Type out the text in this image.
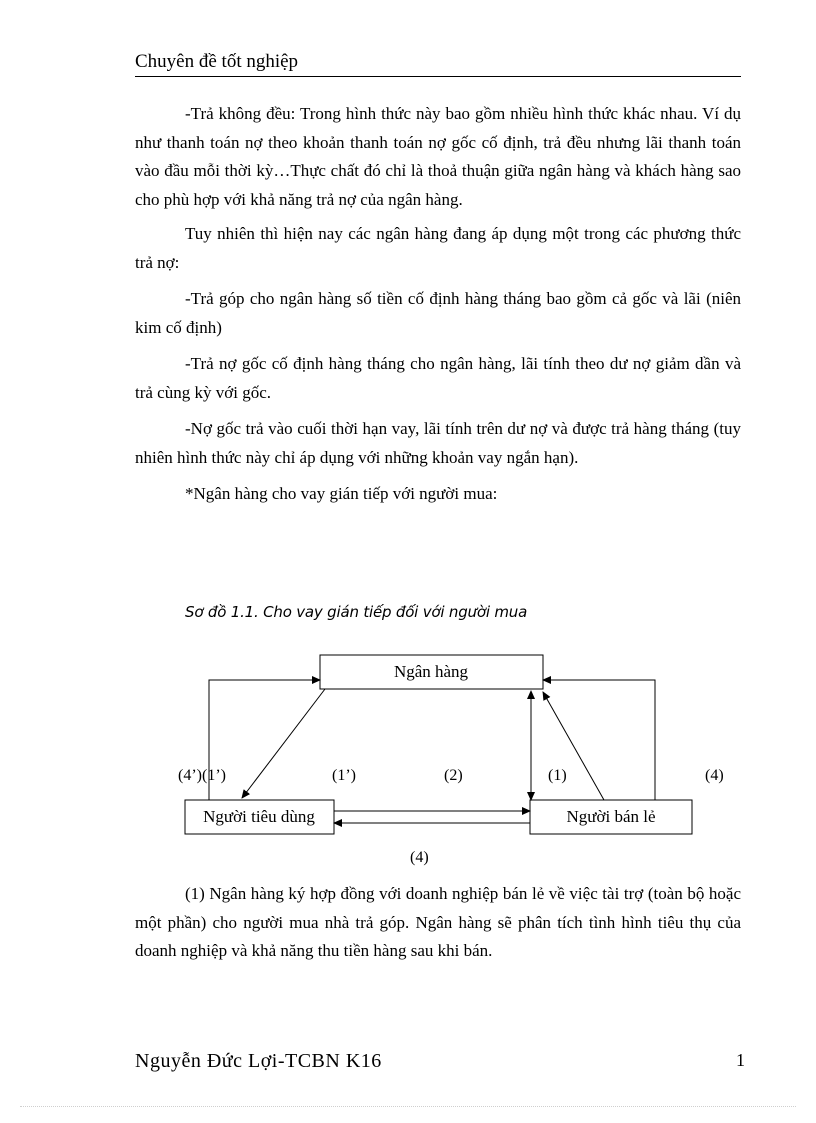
Chuyên đề tốt nghiệp

-Trả không đều: Trong hình thức này bao gồm nhiều hình thức khác nhau. Ví dụ như thanh toán nợ theo khoản thanh toán nợ gốc cố định, trả đều nhưng lãi thanh toán vào đầu mỗi thời kỳ…Thực chất đó chỉ là thoả thuận giữa ngân hàng và khách hàng sao cho phù hợp với khả năng trả nợ của ngân hàng.

Tuy nhiên thì hiện nay các ngân hàng đang áp dụng một trong các phương thức trả nợ:

-Trả góp cho ngân hàng số tiền cố định hàng tháng bao gồm cả gốc và lãi (niên kim cố định)

-Trả nợ gốc cố định hàng tháng cho ngân hàng, lãi tính theo dư nợ giảm dần và trả cùng kỳ với gốc.

-Nợ gốc trả vào cuối thời hạn vay, lãi tính trên dư nợ và được trả hàng tháng (tuy nhiên hình thức này chỉ áp dụng với những khoản vay ngắn hạn).

*Ngân hàng cho vay gián tiếp với người mua:

Sơ đồ 1.1. Cho vay gián tiếp đối với người mua
Ngân hàng
Người tiêu dùng	Người bán lẻ
(4’)(1’)	(1’)	(2)	(1)	(4)
(4)

(1) Ngân hàng ký hợp đồng với doanh nghiệp bán lẻ về việc tài trợ (toàn bộ hoặc một phần) cho người mua nhà trả góp. Ngân hàng sẽ phân tích tình hình tiêu thụ của doanh nghiệp và khả năng thu tiền hàng sau khi bán.

Nguyễn Đức Lợi-TCBN K16	1
